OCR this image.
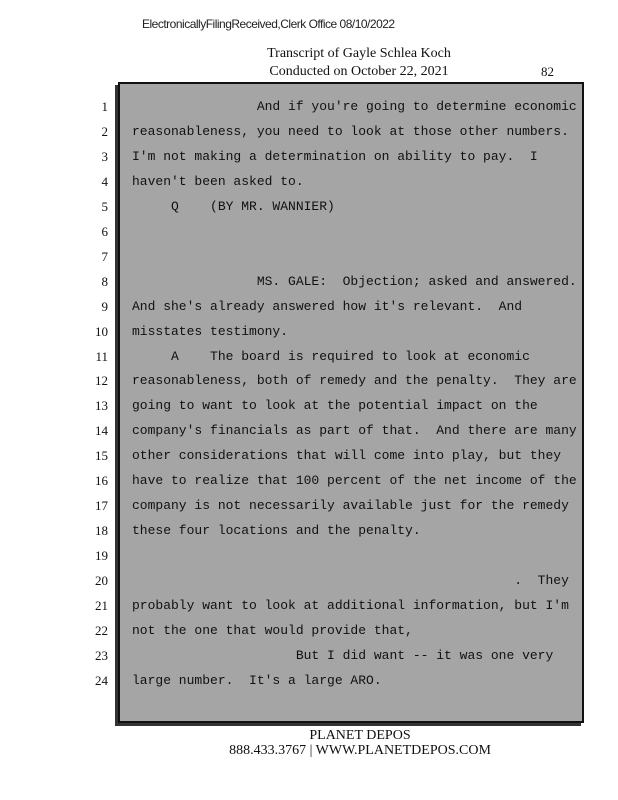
ElectronicallyFilingReceived,Clerk Office 08/10/2022
Transcript of Gayle Schlea Koch
Conducted on October 22, 2021	82
1 And if you're going to determine economic
2 reasonableness, you need to look at those other numbers.
3 I'm not making a determination on ability to pay.  I
4 haven't been asked to.
5 Q    (BY MR. WANNIER)
6
7
8 MS. GALE:  Objection; asked and answered.
9 And she's already answered how it's relevant.  And
10 misstates testimony.
11 A    The board is required to look at economic
12 reasonableness, both of remedy and the penalty.  They are
13 going to want to look at the potential impact on the
14 company's financials as part of that.  And there are many
15 other considerations that will come into play, but they
16 have to realize that 100 percent of the net income of the
17 company is not necessarily available just for the remedy
18 these four locations and the penalty.
19
20 .  They
21 probably want to look at additional information, but I'm
22 not the one that would provide that,
23 But I did want -- it was one very
24 large number.  It's a large ARO.
PLANET DEPOS
888.433.3767 | WWW.PLANETDEPOS.COM
